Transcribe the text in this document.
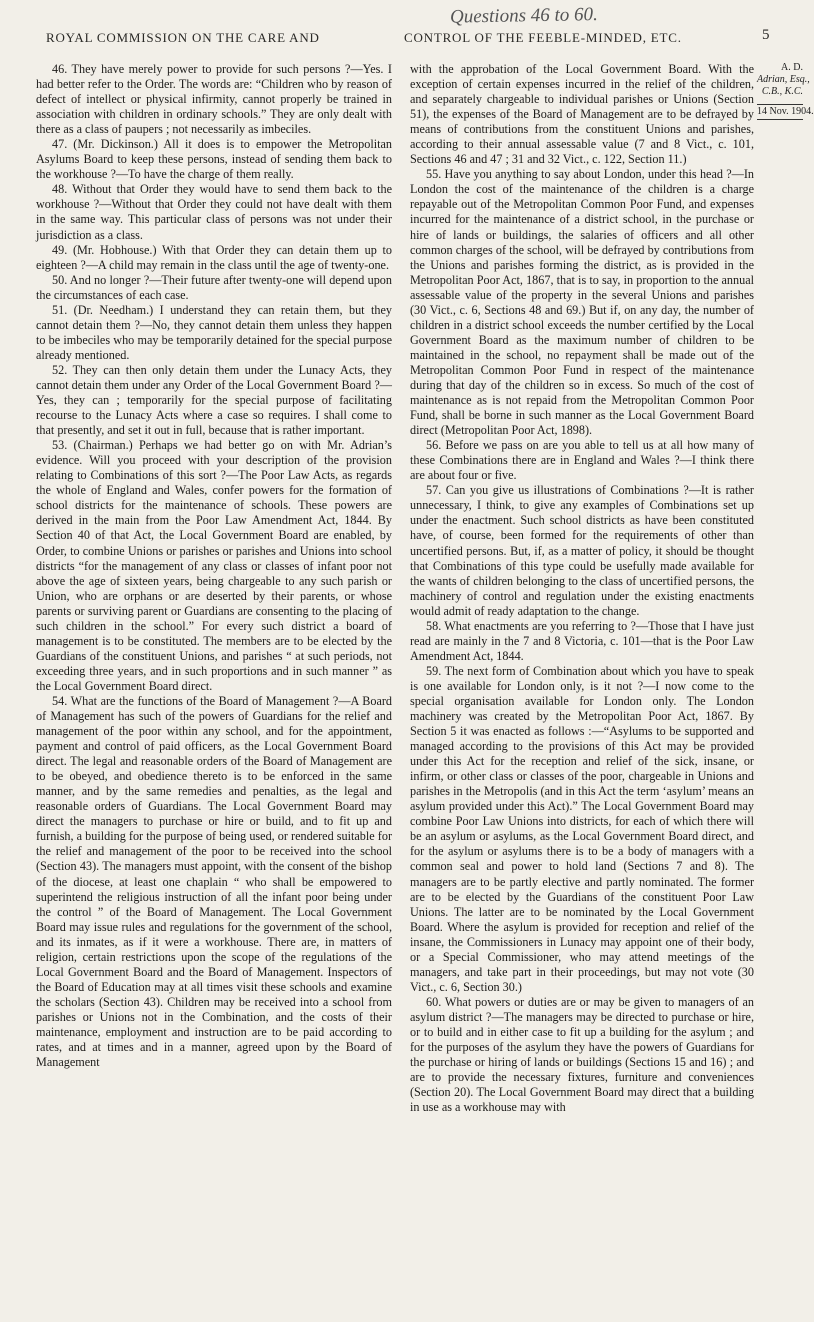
Questions 46 to 60.
ROYAL COMMISSION ON THE CARE AND	CONTROL OF THE FEEBLE-MINDED, ETC.	5

46. They have merely power to provide for such persons ?—Yes. I had better refer to the Order. The words are: “Children who by reason of defect of intellect or physical infirmity, cannot properly be trained in association with children in ordinary schools.” They are only dealt with there as a class of paupers ; not necessarily as imbeciles.

47. (Mr. Dickinson.) All it does is to empower the Metropolitan Asylums Board to keep these persons, instead of sending them back to the workhouse ?—To have the charge of them really.

48. Without that Order they would have to send them back to the workhouse ?—Without that Order they could not have dealt with them in the same way. This particular class of persons was not under their jurisdiction as a class.

49. (Mr. Hobhouse.) With that Order they can detain them up to eighteen ?—A child may remain in the class until the age of twenty-one.

50. And no longer ?—Their future after twenty-one will depend upon the circumstances of each case.

51. (Dr. Needham.) I understand they can retain them, but they cannot detain them ?—No, they cannot detain them unless they happen to be imbeciles who may be temporarily detained for the special purpose already mentioned.

52. They can then only detain them under the Lunacy Acts, they cannot detain them under any Order of the Local Government Board ?—Yes, they can ; temporarily for the special purpose of facilitating recourse to the Lunacy Acts where a case so requires. I shall come to that presently, and set it out in full, because that is rather important.

53. (Chairman.) Perhaps we had better go on with Mr. Adrian’s evidence. Will you proceed with your description of the provision relating to Combinations of this sort ?—The Poor Law Acts, as regards the whole of England and Wales, confer powers for the formation of school districts for the maintenance of schools. These powers are derived in the main from the Poor Law Amendment Act, 1844. By Section 40 of that Act, the Local Government Board are enabled, by Order, to combine Unions or parishes or parishes and Unions into school districts “for the management of any class or classes of infant poor not above the age of sixteen years, being chargeable to any such parish or Union, who are orphans or are deserted by their parents, or whose parents or surviving parent or Guardians are consenting to the placing of such children in the school.” For every such district a board of management is to be constituted. The members are to be elected by the Guardians of the constituent Unions, and parishes “ at such periods, not exceeding three years, and in such proportions and in such manner ” as the Local Government Board direct.

54. What are the functions of the Board of Management ?—A Board of Management has such of the powers of Guardians for the relief and management of the poor within any school, and for the appointment, payment and control of paid officers, as the Local Government Board direct. The legal and reasonable orders of the Board of Management are to be obeyed, and obedience thereto is to be enforced in the same manner, and by the same remedies and penalties, as the legal and reasonable orders of Guardians. The Local Government Board may direct the managers to purchase or hire or build, and to fit up and furnish, a building for the purpose of being used, or rendered suitable for the relief and management of the poor to be received into the school (Section 43). The managers must appoint, with the consent of the bishop of the diocese, at least one chaplain “ who shall be empowered to superintend the religious instruction of all the infant poor being under the control ” of the Board of Management. The Local Government Board may issue rules and regulations for the government of the school, and its inmates, as if it were a workhouse. There are, in matters of religion, certain restrictions upon the scope of the regulations of the Local Government Board and the Board of Management. Inspectors of the Board of Education may at all times visit these schools and examine the scholars (Section 43). Children may be received into a school from parishes or Unions not in the Combination, and the costs of their maintenance, employment and instruction are to be paid according to rates, and at times and in a manner, agreed upon by the Board of Management

with the approbation of the Local Government Board. With the exception of certain expenses incurred in the relief of the children, and separately chargeable to individual parishes or Unions (Section 51), the expenses of the Board of Management are to be defrayed by means of contributions from the constituent Unions and parishes, according to their annual assessable value (7 and 8 Vict., c. 101, Sections 46 and 47 ; 31 and 32 Vict., c. 122, Section 11.)

55. Have you anything to say about London, under this head ?—In London the cost of the maintenance of the children is a charge repayable out of the Metropolitan Common Poor Fund, and expenses incurred for the maintenance of a district school, in the purchase or hire of lands or buildings, the salaries of officers and all other common charges of the school, will be defrayed by contributions from the Unions and parishes forming the district, as is provided in the Metropolitan Poor Act, 1867, that is to say, in proportion to the annual assessable value of the property in the several Unions and parishes (30 Vict., c. 6, Sections 48 and 69.) But if, on any day, the number of children in a district school exceeds the number certified by the Local Government Board as the maximum number of children to be maintained in the school, no repayment shall be made out of the Metropolitan Common Poor Fund in respect of the maintenance during that day of the children so in excess. So much of the cost of maintenance as is not repaid from the Metropolitan Common Poor Fund, shall be borne in such manner as the Local Government Board direct (Metropolitan Poor Act, 1898).

56. Before we pass on are you able to tell us at all how many of these Combinations there are in England and Wales ?—I think there are about four or five.

57. Can you give us illustrations of Combinations ?—It is rather unnecessary, I think, to give any examples of Combinations set up under the enactment. Such school districts as have been constituted have, of course, been formed for the requirements of other than uncertified persons. But, if, as a matter of policy, it should be thought that Combinations of this type could be usefully made available for the wants of children belonging to the class of uncertified persons, the machinery of control and regulation under the existing enactments would admit of ready adaptation to the change.

58. What enactments are you referring to ?—Those that I have just read are mainly in the 7 and 8 Victoria, c. 101—that is the Poor Law Amendment Act, 1844.

59. The next form of Combination about which you have to speak is one available for London only, is it not ?—I now come to the special organisation available for London only. The London machinery was created by the Metropolitan Poor Act, 1867. By Section 5 it was enacted as follows :—“Asylums to be supported and managed according to the provisions of this Act may be provided under this Act for the reception and relief of the sick, insane, or infirm, or other class or classes of the poor, chargeable in Unions and parishes in the Metropolis (and in this Act the term ‘asylum’ means an asylum provided under this Act).” The Local Government Board may combine Poor Law Unions into districts, for each of which there will be an asylum or asylums, as the Local Government Board direct, and for the asylum or asylums there is to be a body of managers with a common seal and power to hold land (Sections 7 and 8). The managers are to be partly elective and partly nominated. The former are to be elected by the Guardians of the constituent Poor Law Unions. The latter are to be nominated by the Local Government Board. Where the asylum is provided for reception and relief of the insane, the Commissioners in Lunacy may appoint one of their body, or a Special Commissioner, who may attend meetings of the managers, and take part in their proceedings, but may not vote (30 Vict., c. 6, Section 30.)

60. What powers or duties are or may be given to managers of an asylum district ?—The managers may be directed to purchase or hire, or to build and in either case to fit up a building for the asylum ; and for the purposes of the asylum they have the powers of Guardians for the purchase or hiring of lands or buildings (Sections 15 and 16) ; and are to provide the necessary fixtures, furniture and conveniences (Section 20). The Local Government Board may direct that a building in use as a workhouse may with

A. D.
Adrian, Esq.,
C.B., K.C.
14 Nov. 1904.
